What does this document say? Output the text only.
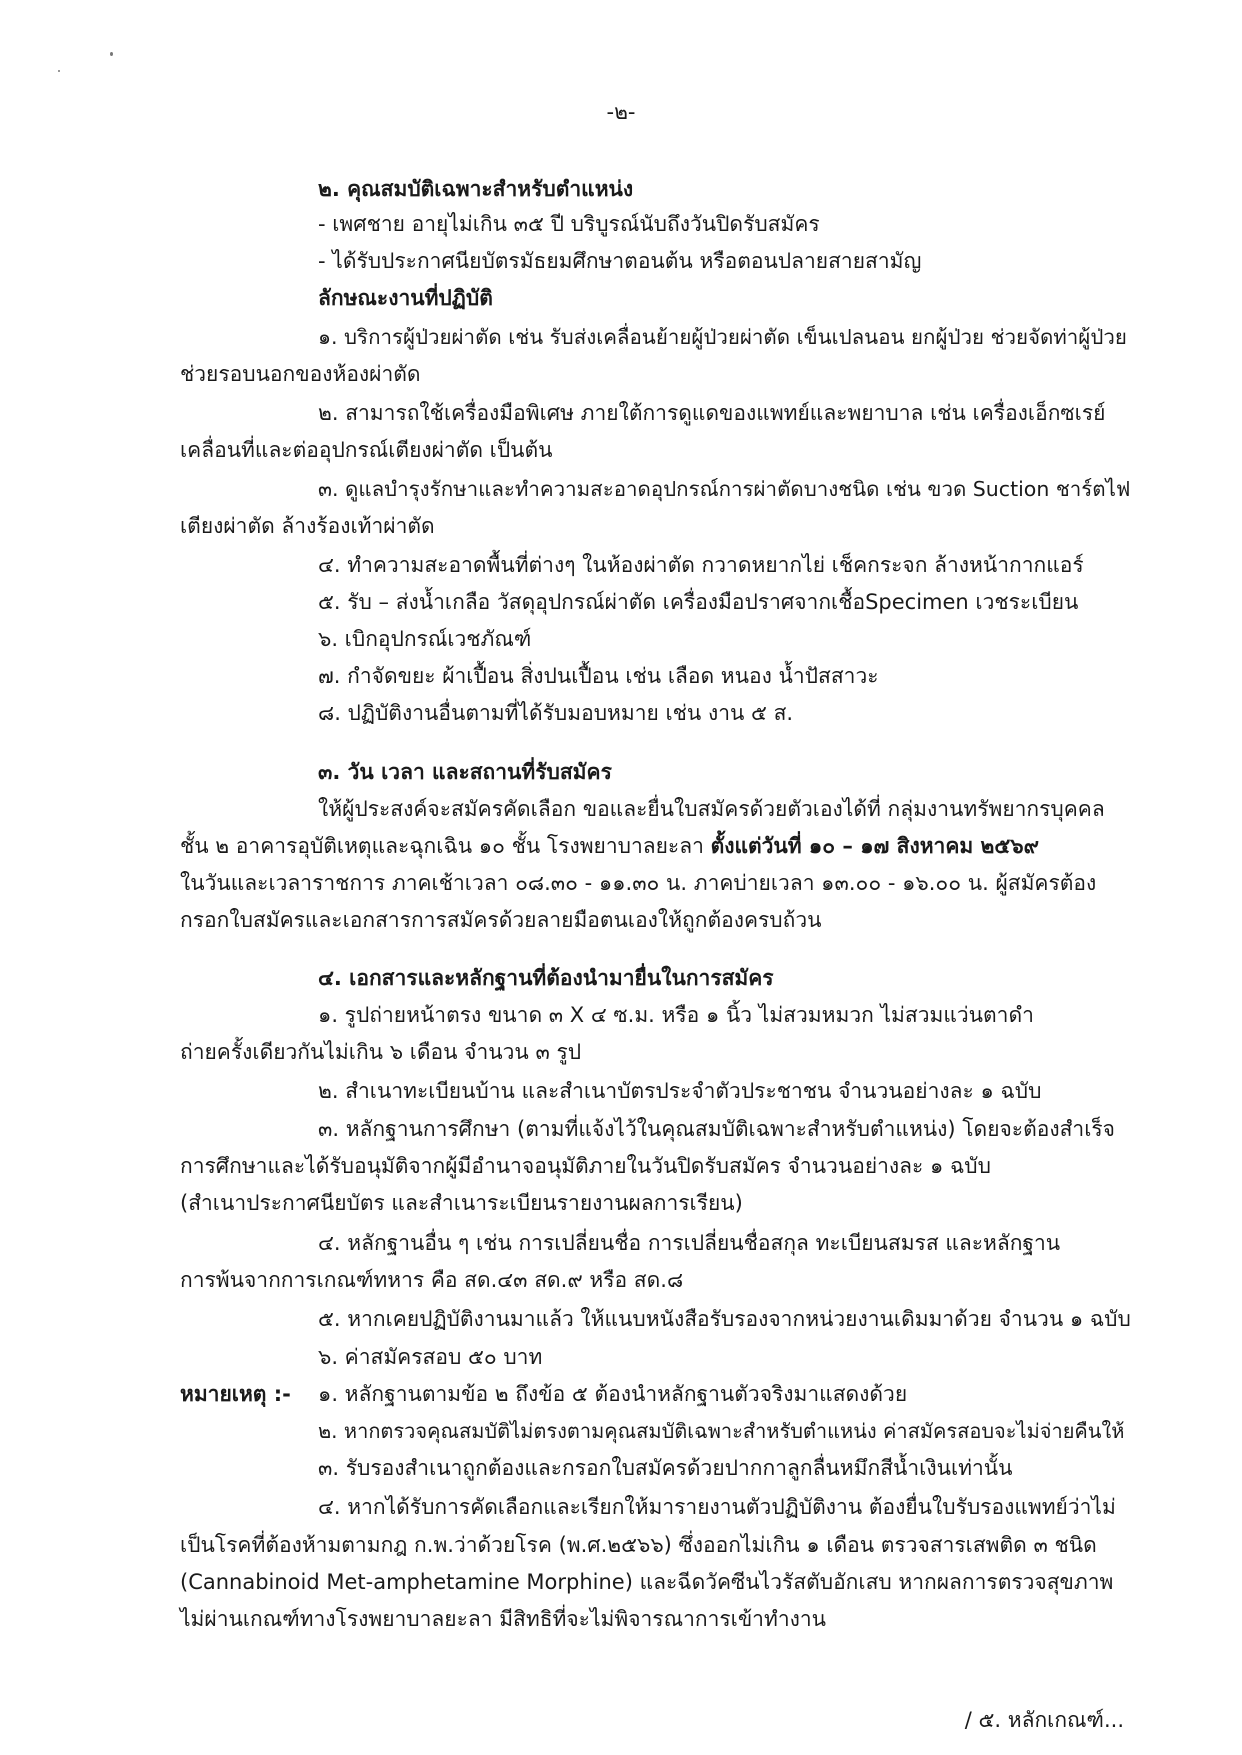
-๒-
๒. คุณสมบัติเฉพาะสำหรับตำแหน่ง
- เพศชาย อายุไม่เกิน ๓๕ ปี บริบูรณ์นับถึงวันปิดรับสมัคร
- ได้รับประกาศนียบัตรมัธยมศึกษาตอนต้น หรือตอนปลายสายสามัญ
ลักษณะงานที่ปฏิบัติ
๑. บริการผู้ป่วยผ่าตัด เช่น รับส่งเคลื่อนย้ายผู้ป่วยผ่าตัด เข็นเปลนอน ยกผู้ป่วย ช่วยจัดท่าผู้ป่วย
ช่วยรอบนอกของห้องผ่าตัด
๒. สามารถใช้เครื่องมือพิเศษ ภายใต้การดูแดของแพทย์และพยาบาล เช่น เครื่องเอ็กซเรย์
เคลื่อนที่และต่ออุปกรณ์เตียงผ่าตัด เป็นต้น
๓. ดูแลบำรุงรักษาและทำความสะอาดอุปกรณ์การผ่าตัดบางชนิด เช่น ขวด Suction ชาร์ตไฟ
เตียงผ่าตัด ล้างร้องเท้าผ่าตัด
๔. ทำความสะอาดพื้นที่ต่างๆ ในห้องผ่าตัด กวาดหยากไย่ เช็คกระจก ล้างหน้ากากแอร์
๕. รับ – ส่งน้ำเกลือ วัสดุอุปกรณ์ผ่าตัด เครื่องมือปราศจากเชื้อSpecimen เวชระเบียน
๖. เบิกอุปกรณ์เวชภัณฑ์
๗. กำจัดขยะ ผ้าเปื้อน สิ่งปนเปื้อน เช่น เลือด หนอง น้ำปัสสาวะ
๘. ปฏิบัติงานอื่นตามที่ได้รับมอบหมาย เช่น งาน ๕ ส.
๓. วัน เวลา และสถานที่รับสมัคร
ให้ผู้ประสงค์จะสมัครคัดเลือก ขอและยื่นใบสมัครด้วยตัวเองได้ที่ กลุ่มงานทรัพยากรบุคคล
ชั้น ๒ อาคารอุบัติเหตุและฉุกเฉิน ๑๐ ชั้น โรงพยาบาลยะลา ตั้งแต่วันที่ ๑๐ – ๑๗ สิงหาคม ๒๕๖๙
ในวันและเวลาราชการ ภาคเช้าเวลา ๐๘.๓๐ - ๑๑.๓๐ น. ภาคบ่ายเวลา ๑๓.๐๐ - ๑๖.๐๐ น. ผู้สมัครต้อง
กรอกใบสมัครและเอกสารการสมัครด้วยลายมือตนเองให้ถูกต้องครบถ้วน
๔. เอกสารและหลักฐานที่ต้องนำมายื่นในการสมัคร
๑. รูปถ่ายหน้าตรง ขนาด ๓ X ๔ ซ.ม. หรือ ๑ นิ้ว ไม่สวมหมวก ไม่สวมแว่นตาดำ
ถ่ายครั้งเดียวกันไม่เกิน ๖ เดือน จำนวน ๓ รูป
๒. สำเนาทะเบียนบ้าน และสำเนาบัตรประจำตัวประชาชน จำนวนอย่างละ ๑ ฉบับ
๓. หลักฐานการศึกษา (ตามที่แจ้งไว้ในคุณสมบัติเฉพาะสำหรับตำแหน่ง) โดยจะต้องสำเร็จ
การศึกษาและได้รับอนุมัติจากผู้มีอำนาจอนุมัติภายในวันปิดรับสมัคร จำนวนอย่างละ ๑ ฉบับ
(สำเนาประกาศนียบัตร และสำเนาระเบียนรายงานผลการเรียน)
๔. หลักฐานอื่น ๆ เช่น การเปลี่ยนชื่อ การเปลี่ยนชื่อสกุล ทะเบียนสมรส และหลักฐาน
การพ้นจากการเกณฑ์ทหาร คือ สด.๔๓ สด.๙ หรือ สด.๘
๕. หากเคยปฏิบัติงานมาแล้ว ให้แนบหนังสือรับรองจากหน่วยงานเดิมมาด้วย จำนวน ๑ ฉบับ
๖. ค่าสมัครสอบ ๕๐ บาท
หมายเหตุ :- ๑. หลักฐานตามข้อ ๒ ถึงข้อ ๕ ต้องนำหลักฐานตัวจริงมาแสดงด้วย
๒. หากตรวจคุณสมบัติไม่ตรงตามคุณสมบัติเฉพาะสำหรับตำแหน่ง ค่าสมัครสอบจะไม่จ่ายคืนให้
๓. รับรองสำเนาถูกต้องและกรอกใบสมัครด้วยปากกาลูกลื่นหมึกสีน้ำเงินเท่านั้น
๔. หากได้รับการคัดเลือกและเรียกให้มารายงานตัวปฏิบัติงาน ต้องยื่นใบรับรองแพทย์ว่าไม่
เป็นโรคที่ต้องห้ามตามกฎ ก.พ.ว่าด้วยโรค (พ.ศ.๒๕๖๖) ซึ่งออกไม่เกิน ๑ เดือน ตรวจสารเสพติด ๓ ชนิด
(Cannabinoid Met-amphetamine Morphine) และฉีดวัคซีนไวรัสตับอักเสบ หากผลการตรวจสุขภาพ
ไม่ผ่านเกณฑ์ทางโรงพยาบาลยะลา มีสิทธิที่จะไม่พิจารณาการเข้าทำงาน
/ ๕. หลักเกณฑ์...
